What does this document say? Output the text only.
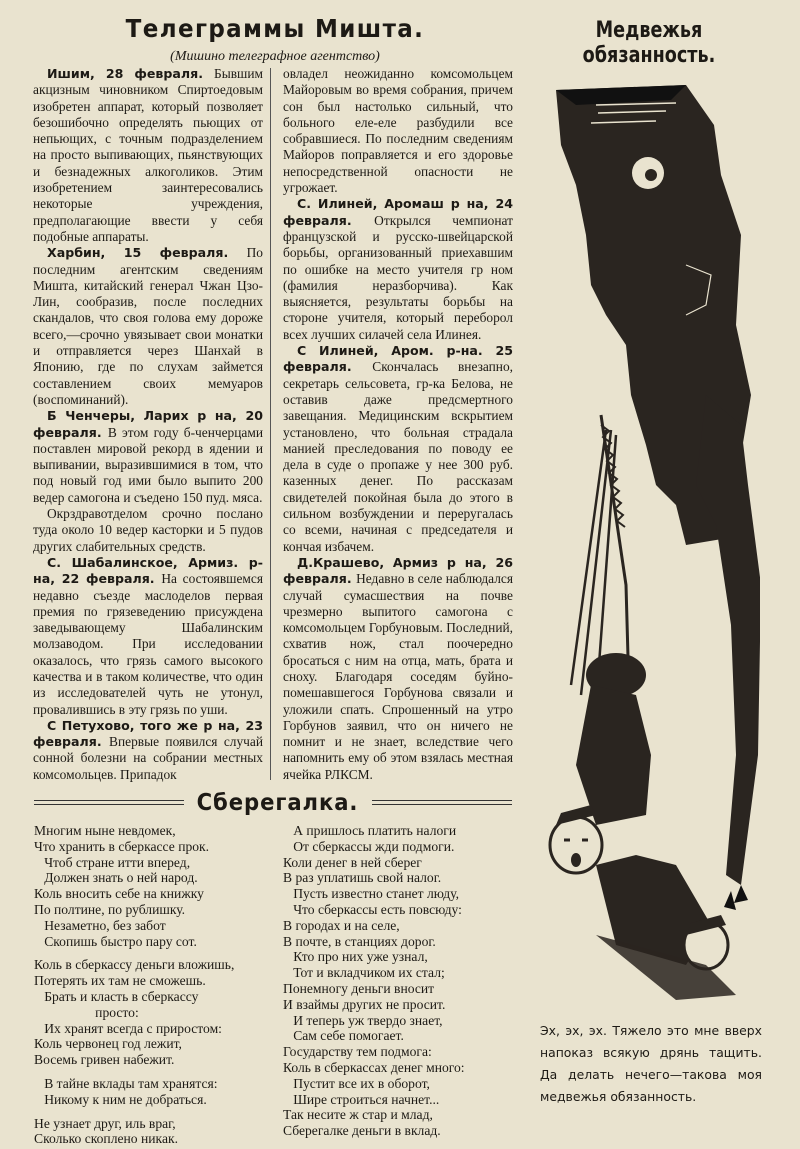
Телеграммы Мишта.
(Мишино телеграфное агентство)

Ишим, 28 февраля. Бывшим акцизным чиновником Спиртоедовым изобретен аппарат, который позволяет безошибочно определять пьющих от непьющих, с точным подразделением на просто выпивающих, пьянствующих и безнадежных алкоголиков. Этим изобретением заинтересовались некоторые учреждения, предполагающие ввести у себя подобные аппараты.

Харбин, 15 февраля. По последним агентским сведениям Мишта, китайский генерал Чжан Цзо-Лин, сообразив, после последних скандалов, что своя голова ему дороже всего,—срочно увязывает свои монатки и отправляется через Шанхай в Японию, где по слухам займется составлением своих мемуаров (воспоминаний).

Б Ченчеры, Ларих р на, 20 февраля. В этом году б-ченчерцами поставлен мировой рекорд в ядении и выпивании, выразившимися в том, что под новый год ими было выпито 200 ведер самогона и съедено 150 пуд. мяса.

Окрздравотделом срочно послано туда около 10 ведер касторки и 5 пудов других слабительных средств.

С. Шабалинское, Армиз. р-на, 22 февраля. На состоявшемся недавно съезде маслоделов первая премия по грязеведению присуждена заведывающему Шабалинским молзаводом. При исследовании оказалось, что грязь самого высокого качества и в таком количестве, что один из исследователей чуть не утонул, провалившись в эту грязь по уши.

С Петухово, того же р на, 23 февраля. Впервые появился случай сонной болезни на собрании местных комсомольцев. Припадок

овладел неожиданно комсомольцем Майоровым во время собрания, причем сон был настолько сильный, что больного еле-еле разбудили все собравшиеся. По последним сведениям Майоров поправляется и его здоровье непосредственной опасности не угрожает.

С. Илиней, Аромаш р на, 24 февраля. Открылся чемпионат французской и русско-швейцарской борьбы, организованный приехавшим по ошибке на место учителя гр ном (фамилия неразборчива). Как выясняется, результаты борьбы на стороне учителя, который переборол всех лучших силачей села Илинея.

С Илиней, Аром. р-на. 25 февраля. Скончалась внезапно, секретарь сельсовета, гр-ка Белова, не оставив даже предсмертного завещания. Медицинским вскрытием установлено, что больная страдала манией преследования по поводу ее дела в суде о пропаже у нее 300 руб. казенных денег. По рассказам свидетелей покойная была до этого в сильном возбуждении и переругалась со всеми, начиная с председателя и кончая избачем.

Д.Крашево, Армиз р на, 26 февраля. Недавно в селе наблюдался случай сумасшествия на почве чрезмерно выпитого самогона с комсомольцем Горбуновым. Последний, схватив нож, стал поочередно бросаться с ним на отца, мать, брата и сноху. Благодаря соседям буйно-помешавшегося Горбунова связали и уложили спать. Спрошенный на утро Горбунов заявил, что он ничего не помнит и не знает, вследствие чего напомнить ему об этом взялась местная ячейка РЛКСМ.

Сберегалка.
Многим ныне невдомек,
Что хранить в сберкассе прок.
Чтоб стране итти вперед,
Должен знать о ней народ.
Коль вносить себе на книжку
По полтине, по рублишку.
Незаметно, без забот
Скопишь быстро пару сот.

Коль в сберкассу деньги вложишь,
Потерять их там не сможешь.
Брать и класть в сберкассу
просто:
Их хранят всегда с приростом:
Коль червонец год лежит,
Восемь гривен набежит.

В тайне вклады там хранятся:
Никому к ним не добраться.

Не узнает друг, иль враг,
Сколько скоплено никак.
А пришлось платить налоги
От сберкассы жди подмоги.
Коли денег в ней сберег
В раз уплатишь свой налог.
Пусть известно станет люду,
Что сберкассы есть повсюду:
В городах и на селе,
В почте, в станциях дорог.
Кто про них уже узнал,
Тот и вкладчиком их стал;
Понемногу деньги вносит
И взаймы других не просит.
И теперь уж твердо знает,
Сам себе помогает.
Государству тем подмога:
Коль в сберкассах денег много:
Пустит все их в оборот,
Шире строиться начнет...
Так несите ж стар и млад,
Сберегалке деньги в вклад.
Медвежья обязанность.
Эх, эх, эх. Тяжело это мне вверх напоказ всякую дрянь тащить. Да делать нечего—такова моя медвежья обязанность.
